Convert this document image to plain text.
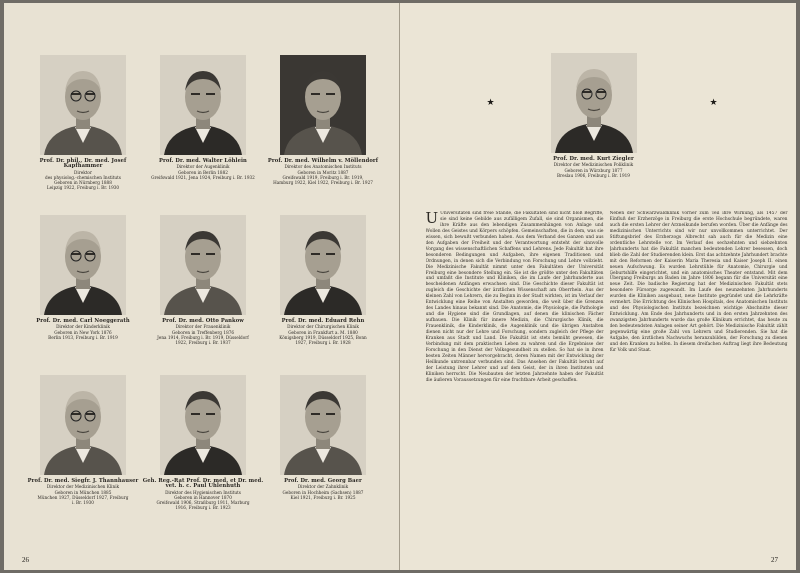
Prof. Dr. phil., Dr. med. Josef Kapfhammer
Direktor
des physiolog.-chemischen Instituts
Geboren in Nürnberg 1888
Leipzig 1922, Freiburg i. Br. 1930
Prof. Dr. med. Walter Löhlein
Direktor der Augenklinik
Geboren in Berlin 1882
Greifswald 1921, Jena 1924, Freiburg i. Br. 1932
Prof. Dr. med. Wilhelm v. Möllendorf
Direktor des Anatomischen Instituts
Geboren in Moritz 1887
Greifswald 1919, Freiburg i. Br. 1919,
Hamburg 1922, Kiel 1922, Freiburg i. Br. 1927
Prof. Dr. med. Carl Noeggerath
Direktor der Kinderklinik
Geboren in New York 1876
Berlin 1913, Freiburg i. Br. 1919
Prof. Dr. med. Otto Pankow
Direktor der Frauenklinik
Geboren in Treffenberg 1876
Jena 1914, Freiburg i. Br. 1919, Düsseldorf
1922, Freiburg i. Br. 1937
Prof. Dr. med. Eduard Rehn
Direktor der Chirurgischen Klinik
Geboren in Frankfurt a. M. 1880
Königsberg 1919, Düsseldorf 1925, Bonn
1927, Freiburg i. Br. 1928
Prof. Dr. med. Siegfr. J. Thannhauser
Direktor der Medizinischen Klinik
Geboren in München 1885
München 1927, Düsseldorf 1927, Freiburg
i. Br. 1930
Geh. Reg.-Rat Prof. Dr. med. et Dr. med. vet. h. c. Paul Uhlenhuth
Direktor des Hygienischen Instituts
Geboren in Hannover 1870
Greifswald 1906, Straßburg 1911, Marburg
1916, Freiburg i. Br. 1923
Prof. Dr. med. Georg Baer
Direktor der Zahnklinik
Geboren in Hochheim (Sachsen) 1887
Kiel 1921, Freiburg i. Br. 1925
26
★	★
Prof. Dr. med. Kurt Ziegler
Direktor der Medizinischen Poliklinik
Geboren in Würzburg 1877
Breslau 1906, Freiburg i. Br. 1919
U Universitäten sind freie Stände, die Fakultäten sind nicht bloß Begriffe, sie sind keine Gebilde aus zufälligem Zufall, sie sind Organismen, die ihre Kräfte aus den lebendigen Zusammenhängen von Anlage und Wollen des Geistes und Körpers schöpfen. Gemeinschaften, die in dem, was sie wissen, sich bewußt verbunden haben. Aus dem Verband des Ganzen und aus den Aufgaben der Freiheit und der Verantwortung entsteht der sinnvolle Vorgang des wissenschaftlichen Schaffens und Lehrens. Jede Fakultät hat ihre besonderen Bedingungen und Aufgaben, ihre eigenen Traditionen und Ordnungen, in denen sich die Verbindung von Forschung und Lehre vollzieht. Die Medizinische Fakultät nimmt unter den Fakultäten der Universität Freiburg eine besondere Stellung ein. Sie ist die größte unter den Fakultäten und umfaßt die Institute und Kliniken, die im Laufe der Jahrhunderte aus bescheidenen Anfängen erwachsen sind. Die Geschichte dieser Fakultät ist zugleich die Geschichte der ärztlichen Wissenschaft am Oberrhein. Aus der kleinen Zahl von Lehrern, die zu Beginn in der Stadt wirkten, ist im Verlauf der Entwicklung eine Reihe von Anstalten geworden, die weit über die Grenzen des Landes hinaus bekannt sind. Die Anatomie, die Physiologie, die Pathologie und die Hygiene sind die Grundlagen, auf denen die klinischen Fächer aufbauen. Die Klinik für innere Medizin, die Chirurgische Klinik, die Frauenklinik, die Kinderklinik, die Augenklinik und die übrigen Anstalten dienen nicht nur der Lehre und Forschung, sondern zugleich der Pflege der Kranken aus Stadt und Land. Die Fakultät ist stets bemüht gewesen, die Verbindung mit dem praktischen Leben zu wahren und die Ergebnisse der Forschung in den Dienst der Volksgesundheit zu stellen. So hat sie in ihren besten Zeiten Männer hervorgebracht, deren Namen mit der Entwicklung der Heilkunde untrennbar verbunden sind. Das Ansehen der Fakultät beruht auf der Leistung ihrer Lehrer und auf dem Geist, der in ihren Instituten und Kliniken herrscht. Die Neubauten der letzten Jahrzehnte haben der Fakultät die äußeren Voraussetzungen für eine fruchtbare Arbeit geschaffen.
Neben der Schwarzwaldklinik vorher zum Teil ihre Wirkung, als 1457 der Einfluß der Erzherzöge in Freiburg die erste Hochschule begründete, waren auch die ersten Lehrer der Arzneikunde berufen worden. Über die Anfänge des medizinischen Unterrichts sind wir nur unvollkommen unterrichtet. Der Stiftungsbrief des Erzherzogs Albrecht sah auch für die Medizin eine ordentliche Lehrstelle vor. Im Verlauf des sechzehnten und siebzehnten Jahrhunderts hat die Fakultät manchen bedeutenden Lehrer besessen, doch blieb die Zahl der Studierenden klein. Erst das achtzehnte Jahrhundert brachte mit den Reformen der Kaiserin Maria Theresia und Kaiser Joseph II. einen neuen Aufschwung. Es wurden Lehrstühle für Anatomie, Chirurgie und Geburtshilfe eingerichtet, und ein anatomisches Theater entstand. Mit dem Übergang Freiburgs an Baden im Jahre 1806 begann für die Universität eine neue Zeit. Die badische Regierung hat der Medizinischen Fakultät stets besondere Fürsorge zugewandt. Im Laufe des neunzehnten Jahrhunderts wurden die Kliniken ausgebaut, neue Institute gegründet und die Lehrkräfte vermehrt. Die Errichtung des Klinischen Hospitals, des Anatomischen Instituts und des Physiologischen Instituts bezeichnen wichtige Abschnitte dieser Entwicklung. Am Ende des Jahrhunderts und in den ersten Jahrzehnten des zwanzigsten Jahrhunderts wurde das große Klinikum errichtet, das heute zu den bedeutendsten Anlagen seiner Art gehört. Die Medizinische Fakultät zählt gegenwärtig eine große Zahl von Lehrern und Studierenden. Sie hat die Aufgabe, den ärztlichen Nachwuchs heranzubilden, der Forschung zu dienen und den Kranken zu helfen. In diesem dreifachen Auftrag liegt ihre Bedeutung für Volk und Staat.
27
